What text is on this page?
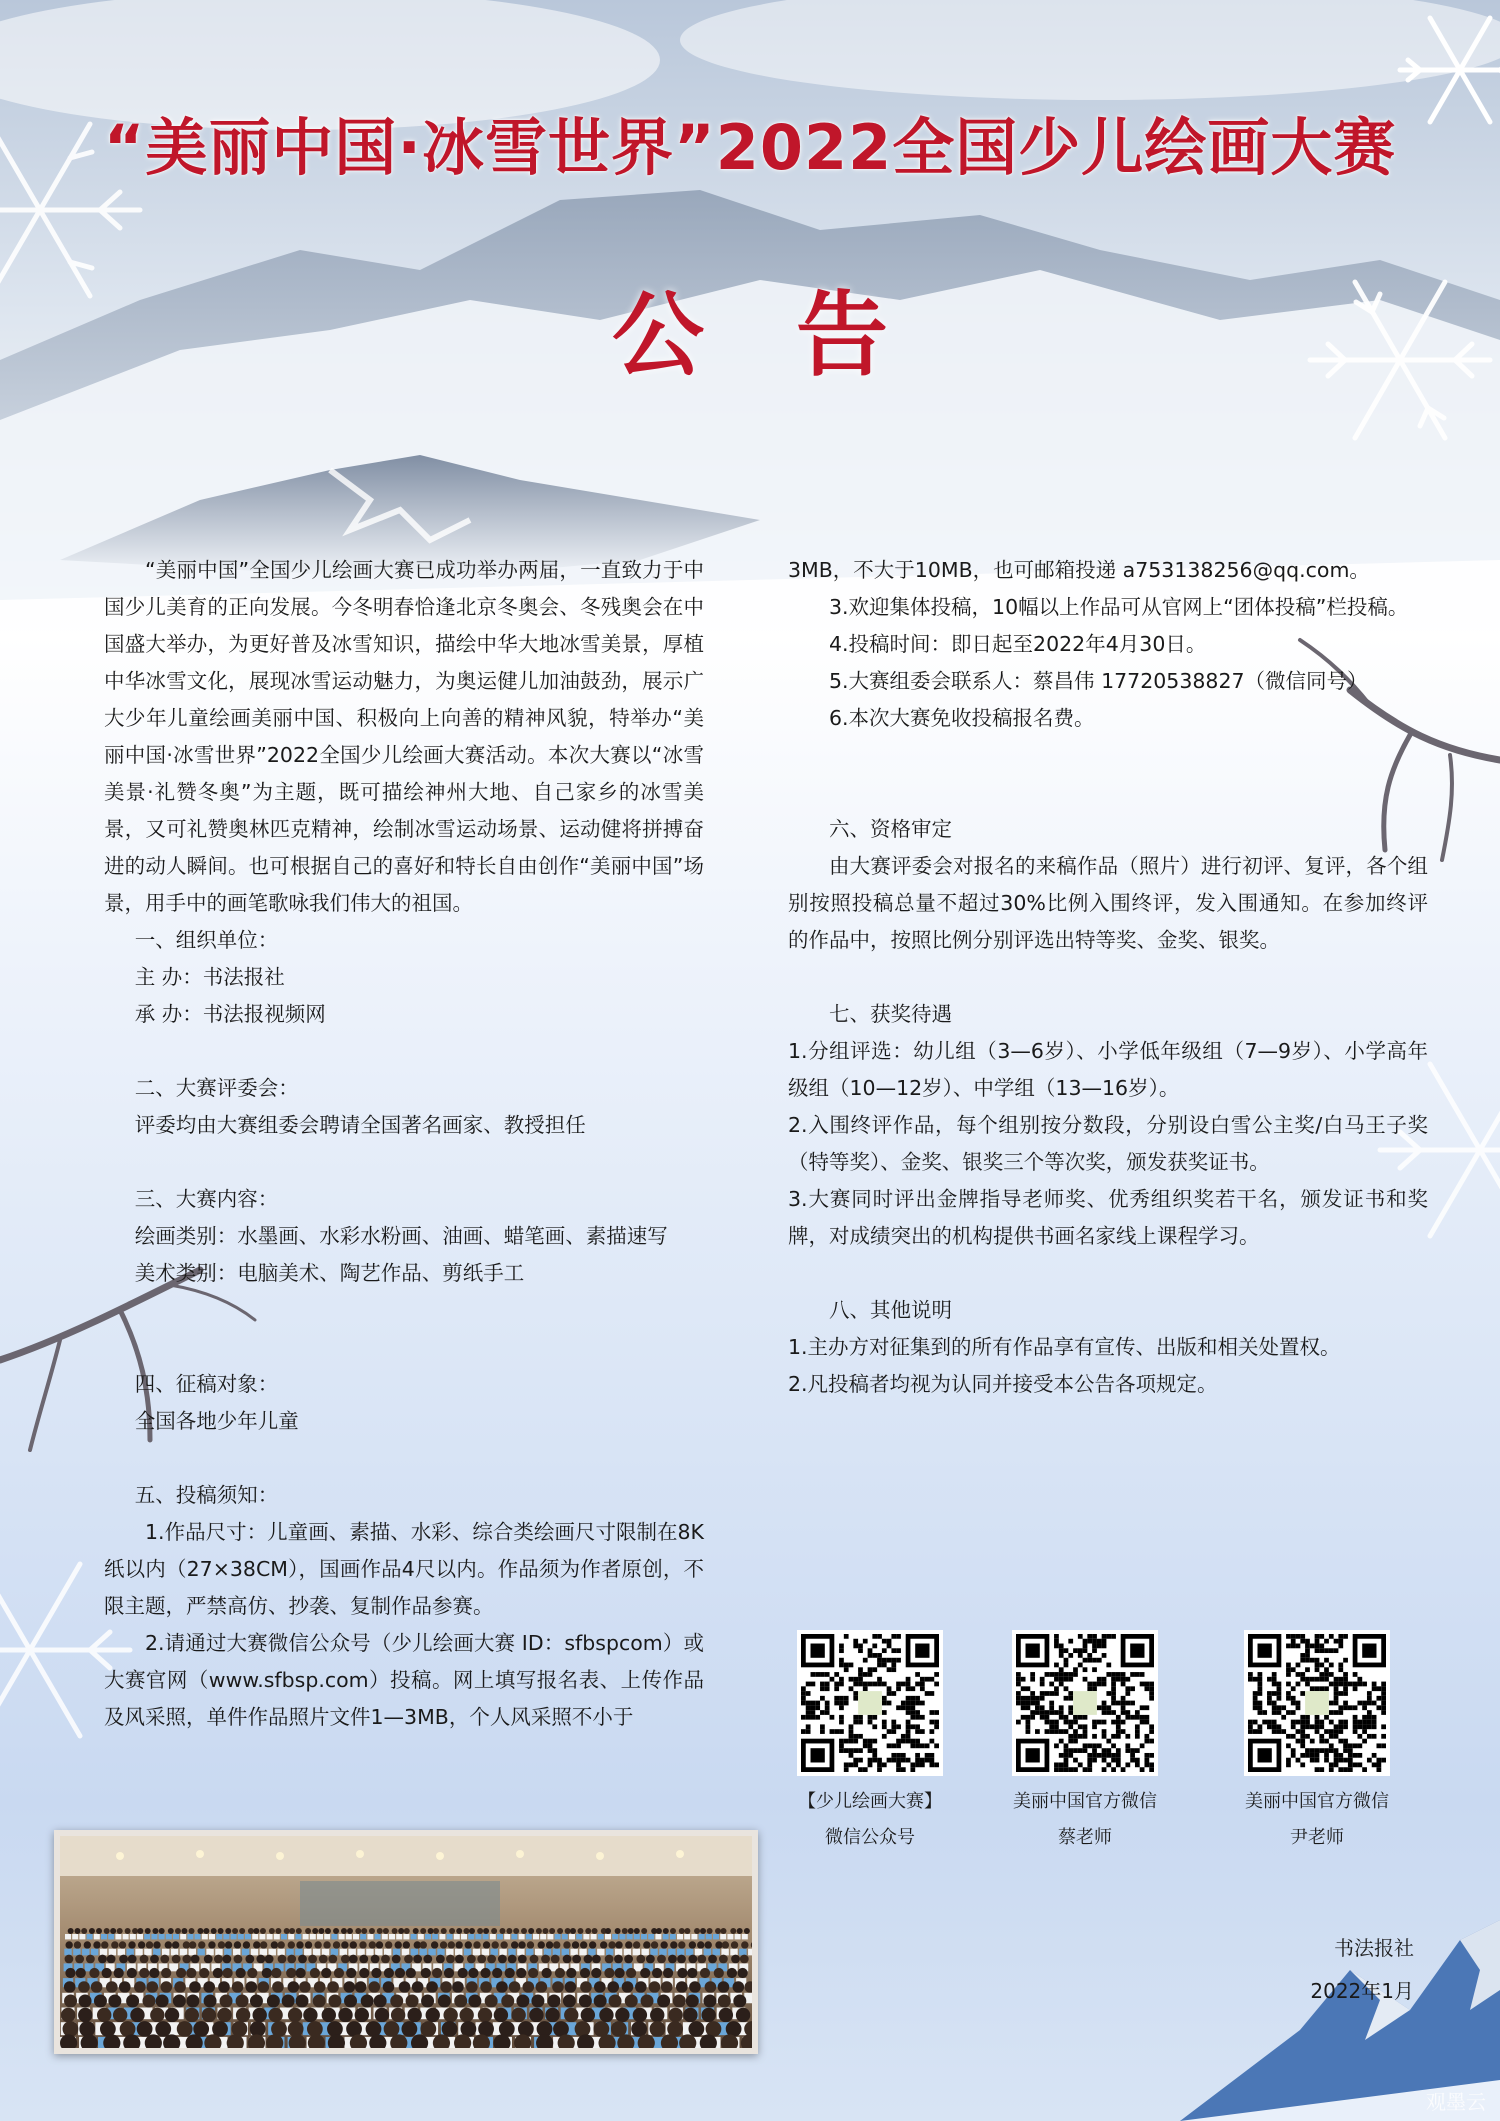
“美丽中国·冰雪世界”2022全国少儿绘画大赛
公告

“美丽中国”全国少儿绘画大赛已成功举办两届，一直致力于中国少儿美育的正向发展。今冬明春恰逢北京冬奥会、冬残奥会在中国盛大举办，为更好普及冰雪知识，描绘中华大地冰雪美景，厚植中华冰雪文化，展现冰雪运动魅力，为奥运健儿加油鼓劲，展示广大少年儿童绘画美丽中国、积极向上向善的精神风貌，特举办“美丽中国·冰雪世界”2022全国少儿绘画大赛活动。本次大赛以“冰雪美景·礼赞冬奥”为主题，既可描绘神州大地、自己家乡的冰雪美景，又可礼赞奥林匹克精神，绘制冰雪运动场景、运动健将拼搏奋进的动人瞬间。也可根据自己的喜好和特长自由创作“美丽中国”场景，用手中的画笔歌咏我们伟大的祖国。

一、组织单位：

主 办：书法报社

承 办：书法报视频网

二、大赛评委会：

评委均由大赛组委会聘请全国著名画家、教授担任

三、大赛内容：

绘画类别：水墨画、水彩水粉画、油画、蜡笔画、素描速写

美术类别：电脑美术、陶艺作品、剪纸手工

四、征稿对象：

全国各地少年儿童

五、投稿须知：

1.作品尺寸：儿童画、素描、水彩、综合类绘画尺寸限制在8K纸以内（27×38CM），国画作品4尺以内。作品须为作者原创，不限主题，严禁高仿、抄袭、复制作品参赛。

2.请通过大赛微信公众号（少儿绘画大赛 ID：sfbspcom）或大赛官网（www.sfbsp.com）投稿。网上填写报名表、上传作品及风采照，单件作品照片文件1—3MB，个人风采照不小于

3MB，不大于10MB，也可邮箱投递 a753138256@qq.com。

3.欢迎集体投稿，10幅以上作品可从官网上“团体投稿”栏投稿。

4.投稿时间：即日起至2022年4月30日。

5.大赛组委会联系人：蔡昌伟 17720538827（微信同号）

6.本次大赛免收投稿报名费。

六、资格审定

由大赛评委会对报名的来稿作品（照片）进行初评、复评，各个组别按照投稿总量不超过30%比例入围终评，发入围通知。在参加终评的作品中，按照比例分别评选出特等奖、金奖、银奖。

七、获奖待遇

1.分组评选：幼儿组（3—6岁）、小学低年级组（7—9岁）、小学高年级组（10—12岁）、中学组（13—16岁）。

2.入围终评作品，每个组别按分数段，分别设白雪公主奖/白马王子奖（特等奖）、金奖、银奖三个等次奖，颁发获奖证书。

3.大赛同时评出金牌指导老师奖、优秀组织奖若干名，颁发证书和奖牌，对成绩突出的机构提供书画名家线上课程学习。

八、其他说明

1.主办方对征集到的所有作品享有宣传、出版和相关处置权。

2.凡投稿者均视为认同并接受本公告各项规定。

【少儿绘画大赛】
微信公众号
美丽中国官方微信
蔡老师
美丽中国官方微信
尹老师
书法报社
2022年1月
观墨云
